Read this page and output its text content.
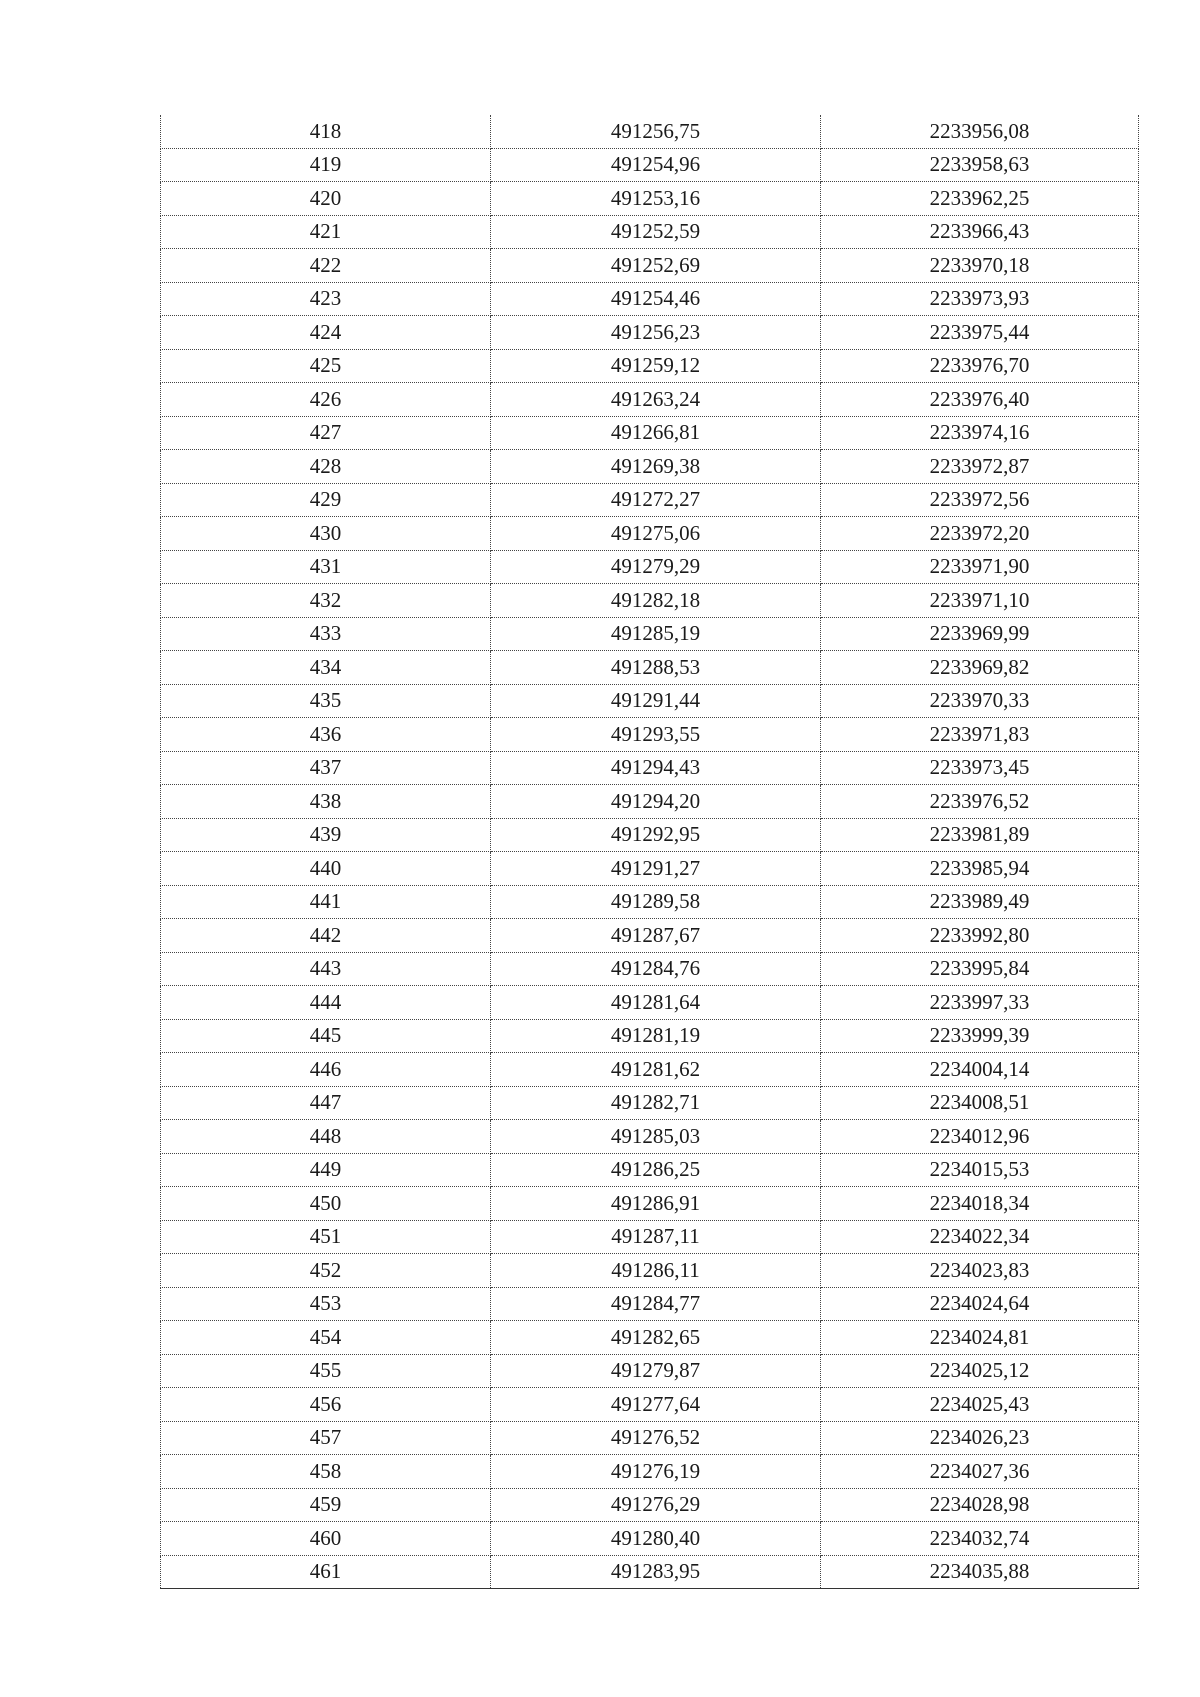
418	491256,75	2233956,08
419	491254,96	2233958,63
420	491253,16	2233962,25
421	491252,59	2233966,43
422	491252,69	2233970,18
423	491254,46	2233973,93
424	491256,23	2233975,44
425	491259,12	2233976,70
426	491263,24	2233976,40
427	491266,81	2233974,16
428	491269,38	2233972,87
429	491272,27	2233972,56
430	491275,06	2233972,20
431	491279,29	2233971,90
432	491282,18	2233971,10
433	491285,19	2233969,99
434	491288,53	2233969,82
435	491291,44	2233970,33
436	491293,55	2233971,83
437	491294,43	2233973,45
438	491294,20	2233976,52
439	491292,95	2233981,89
440	491291,27	2233985,94
441	491289,58	2233989,49
442	491287,67	2233992,80
443	491284,76	2233995,84
444	491281,64	2233997,33
445	491281,19	2233999,39
446	491281,62	2234004,14
447	491282,71	2234008,51
448	491285,03	2234012,96
449	491286,25	2234015,53
450	491286,91	2234018,34
451	491287,11	2234022,34
452	491286,11	2234023,83
453	491284,77	2234024,64
454	491282,65	2234024,81
455	491279,87	2234025,12
456	491277,64	2234025,43
457	491276,52	2234026,23
458	491276,19	2234027,36
459	491276,29	2234028,98
460	491280,40	2234032,74
461	491283,95	2234035,88
